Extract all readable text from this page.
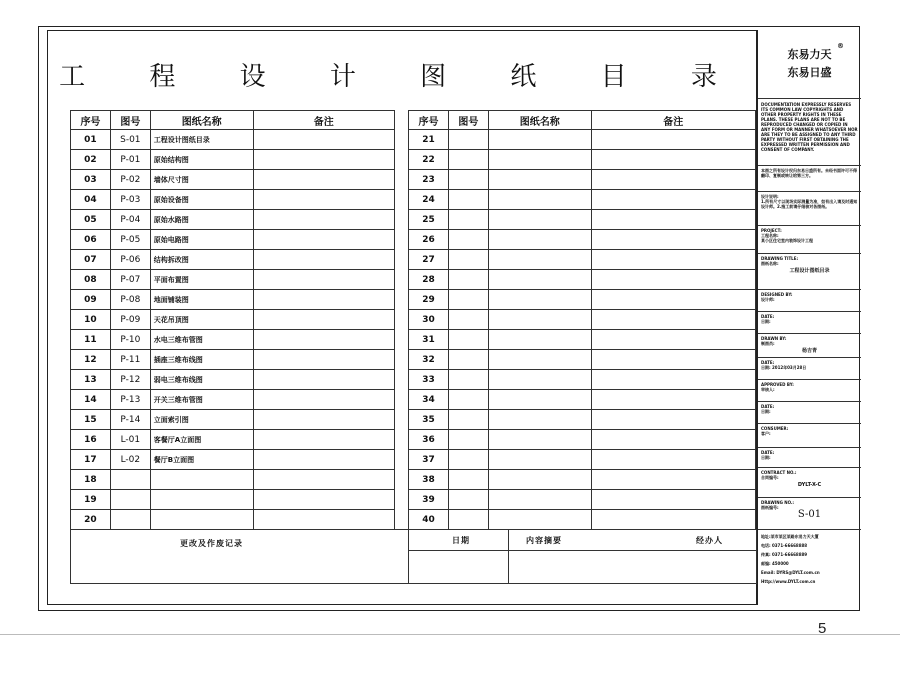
工 程 设 计 图 纸 目 录
序号	图号	图纸名称	备注
01	S-01	工程设计图纸目录	
02	P-01	原始结构图	
03	P-02	墙体尺寸图	
04	P-03	原始设备图	
05	P-04	原始水路图	
06	P-05	原始电路图	
07	P-06	结构拆改图	
08	P-07	平面布置图	
09	P-08	地面铺装图	
10	P-09	天花吊顶图	
11	P-10	水电三维布管图	
12	P-11	插座三维布线图	
13	P-12	弱电三维布线图	
14	P-13	开关三维布管图	
15	P-14	立面索引图	
16	L-01	客餐厅A立面图	
17	L-02	餐厅B立面图	
18			
19			
20			
序号	图号	图纸名称	备注
21			
22			
23			
24			
25			
26			
27			
28			
29			
30			
31			
32			
33			
34			
35			
36			
37			
38			
39			
40			
更改及作废记录	日期	内容摘要	经办人
东易力天
®
东易日盛
DOCUMENTATION EXPRESSLY RESERVES ITS COMMON LAW COPYRIGHTS AND OTHER PROPERTY RIGHTS IN THESE PLANS. THESE PLANS ARE NOT TO BE REPRODUCED CHANGED OR COPIED IN ANY FORM OR MANNER WHATSOEVER NOR ARE THEY TO BE ASSIGNED TO ANY THIRD PARTY WITHOUT FIRST OBTAINING THE EXPRESSED WRITTEN PERMISSION AND CONSENT OF COMPANY.
本图之所有设计权归东易日盛所有。未经书面许可不得翻印、复制或转让给第三方。
设计说明:
1.所有尺寸以现场实际测量为准，如有出入请及时通知设计师。2.施工前请仔细核对各图纸。
PROJECT:
工程名称:
某小区住宅室内装饰设计工程
DRAWING TITLE:
图纸名称:
工程设计图纸目录
DESIGNED BY:
设计师:
DATE:
日期:
DRAWN BY:
制图员:
杨吉青
DATE:
日期: 2012年03月28日
APPROVED BY:
审核人:
DATE:
日期:
CONSUMER:
客户:
DATE:
日期:
CONTRACT NO.:
合同编号:
DYLT-X-C
DRAWING NO.:
图纸编号:
S-01
地址:某市某区某路东易力天大厦
电话: 0371-66668888
传真: 0371-66668889
邮编: 450000
Email: DYRS@DYLT.com.cn
Http://www.DYLT.com.cn
5
